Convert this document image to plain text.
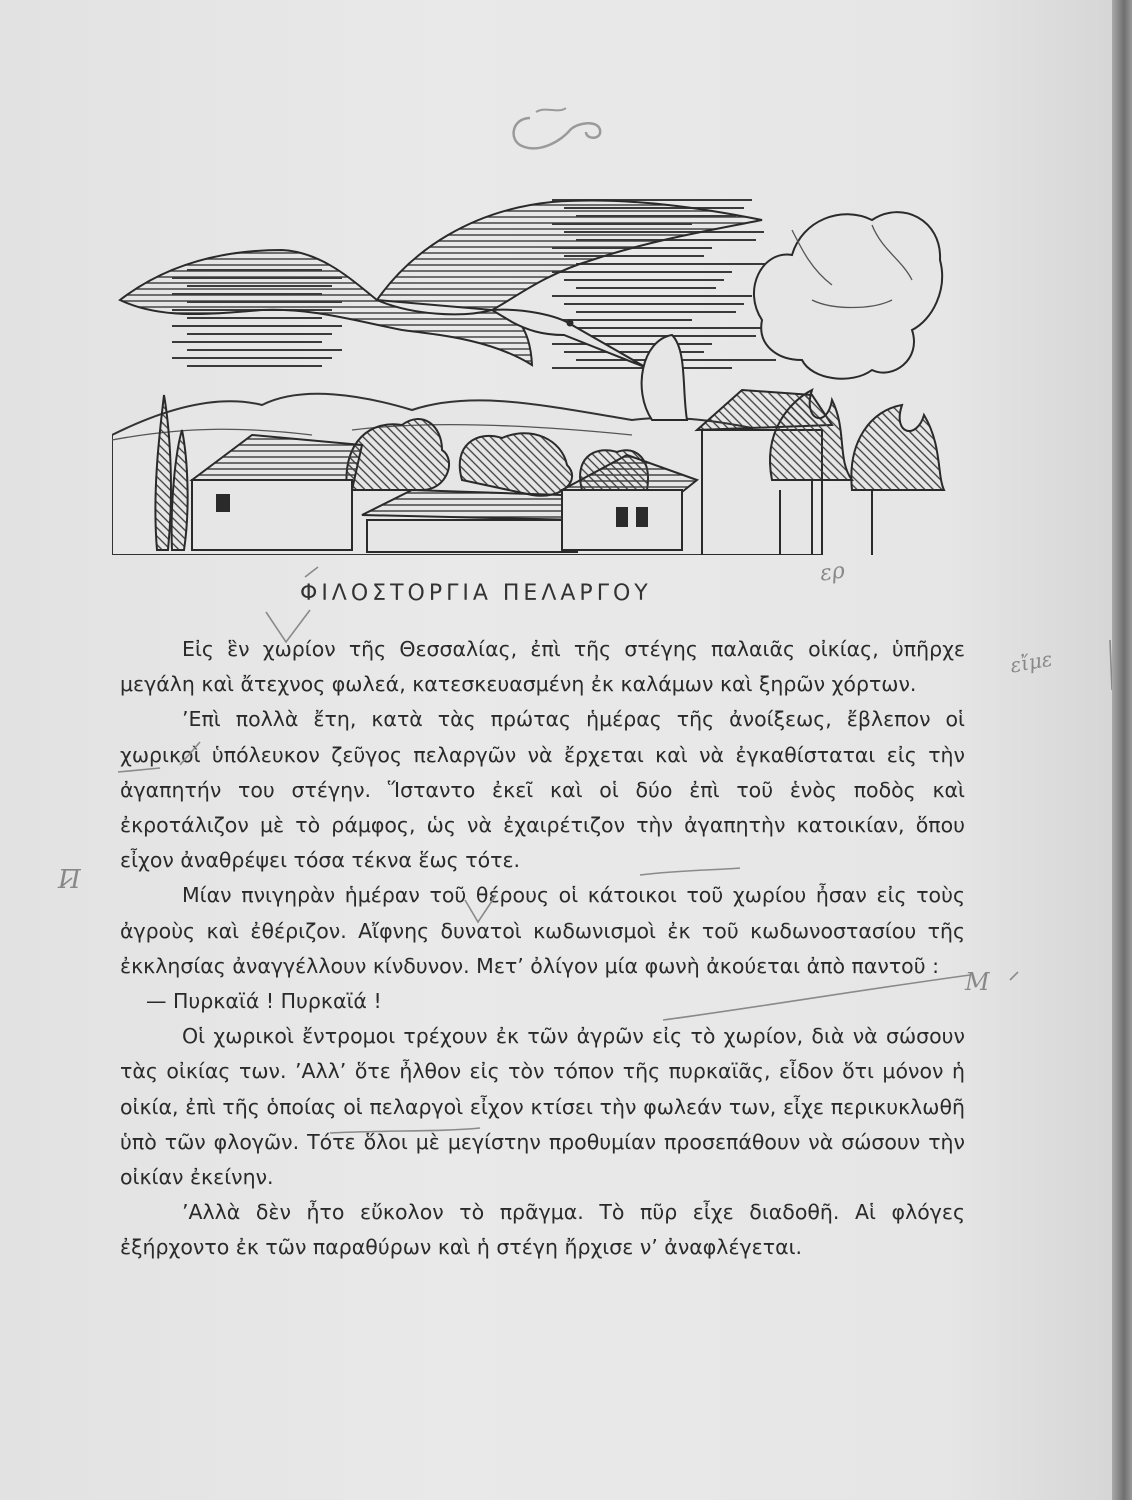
ΦΙΛΟΣΤΟΡΓΙΑ ΠΕΛΑΡΓΟΥ

Εἰς ἓν χωρίον τῆς Θεσσαλίας, ἐπὶ τῆς στέγης παλαιᾶς οἰκίας, ὑπῆρχε μεγάλη καὶ ἄτεχνος φωλεά, κατεσκευασμένη ἐκ καλάμων καὶ ξηρῶν χόρτων.

’Επὶ πολλὰ ἔτη, κατὰ τὰς πρώτας ἡμέρας τῆς ἀνοίξεως, ἔβλεπον οἱ χωρικοὶ ὑπόλευκον ζεῦγος πελαργῶν νὰ ἔρχεται καὶ νὰ ἐγκαθίσταται εἰς τὴν ἀγαπητήν του στέγην. Ἵσταντο ἐκεῖ καὶ οἱ δύο ἐπὶ τοῦ ἑνὸς ποδὸς καὶ ἐκροτάλιζον μὲ τὸ ράμφος, ὡς νὰ ἐχαιρέτιζον τὴν ἀγαπητὴν κατοικίαν, ὅπου εἶχον ἀναθρέψει τόσα τέκνα ἕως τότε.

Μίαν πνιγηρὰν ἡμέραν τοῦ θέρους οἱ κάτοικοι τοῦ χωρίου ἦσαν εἰς τοὺς ἀγροὺς καὶ ἐθέριζον. Αἴφνης δυνατοὶ κωδωνισμοὶ ἐκ τοῦ κωδωνοστασίου τῆς ἐκκλησίας ἀναγγέλλουν κίνδυνον. Μετ’ ὀλίγον μία φωνὴ ἀκούεται ἀπὸ παντοῦ :

— Πυρκαϊά ! Πυρκαϊά !

Οἱ χωρικοὶ ἔντρομοι τρέχουν ἐκ τῶν ἀγρῶν εἰς τὸ χωρίον, διὰ νὰ σώσουν τὰς οἰκίας των. ’Αλλ’ ὅτε ἦλθον εἰς τὸν τόπον τῆς πυρκαϊᾶς, εἶδον ὅτι μόνον ἡ οἰκία, ἐπὶ τῆς ὁποίας οἱ πελαργοὶ εἶχον κτίσει τὴν φωλεάν των, εἶχε περικυκλωθῆ ὑπὸ τῶν φλογῶν. Τότε ὅλοι μὲ μεγίστην προθυμίαν προσεπάθουν νὰ σώσουν τὴν οἰκίαν ἐκείνην.

’Αλλὰ δὲν ἦτο εὔκολον τὸ πρᾶγμα. Τὸ πῦρ εἶχε διαδοθῆ. Αἱ φλόγες ἐξήρχοντο ἐκ τῶν παραθύρων καὶ ἡ στέγη ἤρχισε ν’ ἀναφλέγεται.

ερ
εἴμε
Π
Μ
